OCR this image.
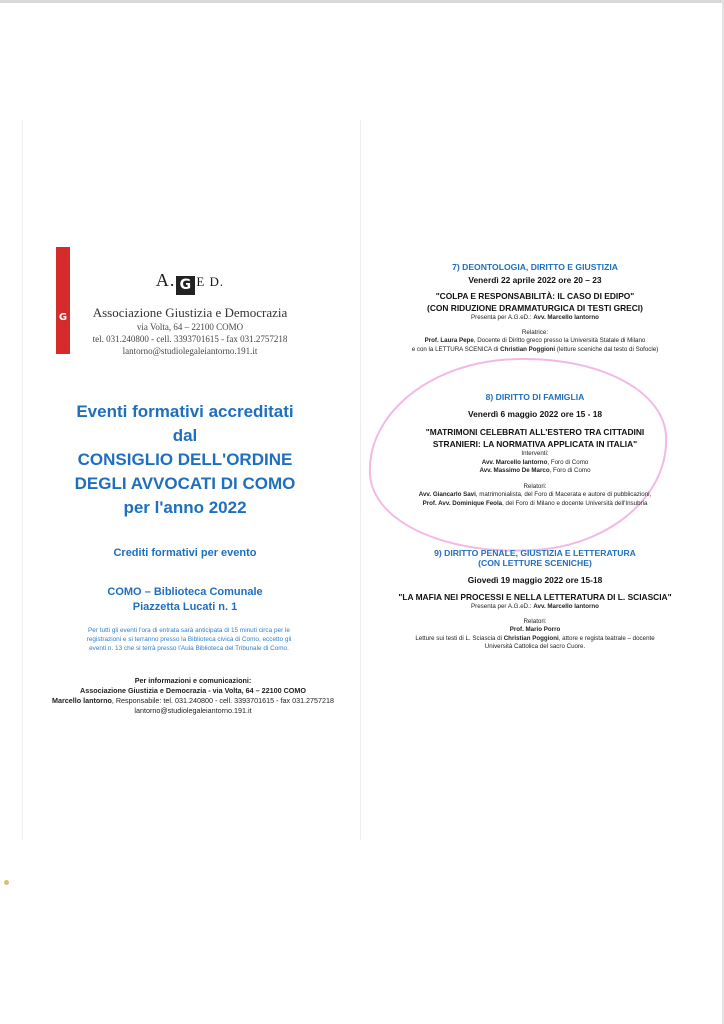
G
A. G E D.
Associazione Giustizia e Democrazia
via Volta, 64 – 22100 COMO
tel. 031.240800 - cell. 3393701615 - fax 031.2757218
lantorno@studiolegaleiantorno.191.it
Eventi formativi accreditati
dal
CONSIGLIO DELL'ORDINE
DEGLI AVVOCATI DI COMO
per l'anno 2022
Crediti formativi per evento
COMO – Biblioteca Comunale
Piazzetta Lucati n. 1
Per tutti gli eventi l'ora di entrata sarà anticipata di 15 minuti circa per le
registrazioni e si terranno presso la Biblioteca civica di Como, eccetto gli
eventi n. 13 che si terrà presso l'Aula Biblioteca del Tribunale di Como.
Per informazioni e comunicazioni:
Associazione Giustizia e Democrazia - via Volta, 64 – 22100 COMO
Marcello lantorno, Responsabile: tel. 031.240800 - cell. 3393701615 - fax 031.2757218
lantorno@studiolegaleiantorno.191.it
7) DEONTOLOGIA, DIRITTO E GIUSTIZIA
Venerdì 22 aprile 2022 ore 20 – 23
"COLPA E RESPONSABILITÀ: IL CASO DI EDIPO"
(CON RIDUZIONE DRAMMATURGICA DI TESTI GRECI)
Presenta per A.G.eD.: Avv. Marcello lantorno
Relatrice:
Prof. Laura Pepe, Docente di Diritto greco presso la Università Statale di Milano
e con la LETTURA SCENICA di Christian Poggioni (letture sceniche dal testo di Sofocle)
8) DIRITTO DI FAMIGLIA
Venerdì 6 maggio 2022 ore 15 - 18
"MATRIMONI CELEBRATI ALL'ESTERO TRA CITTADINI
STRANIERI: LA NORMATIVA APPLICATA IN ITALIA"
Interventi:
Avv. Marcello lantorno, Foro di Como
Avv. Massimo De Marco, Foro di Como
Relatori:
Avv. Giancarlo Savi, matrimonialista, del Foro di Macerata e autore di pubblicazioni,
Prof. Avv. Dominique Feola, del Foro di Milano e docente Università dell'Insubria
9) DIRITTO PENALE, GIUSTIZIA E LETTERATURA
(CON LETTURE SCENICHE)
Giovedì 19 maggio 2022 ore 15-18
"LA MAFIA NEI PROCESSI E NELLA LETTERATURA DI L. SCIASCIA"
Presenta per A.G.eD.: Avv. Marcello lantorno
Relatori:
Prof. Mario Porro
Letture sui testi di L. Sciascia di Christian Poggioni, attore e regista teatrale – docente
Università Cattolica del sacro Cuore.
